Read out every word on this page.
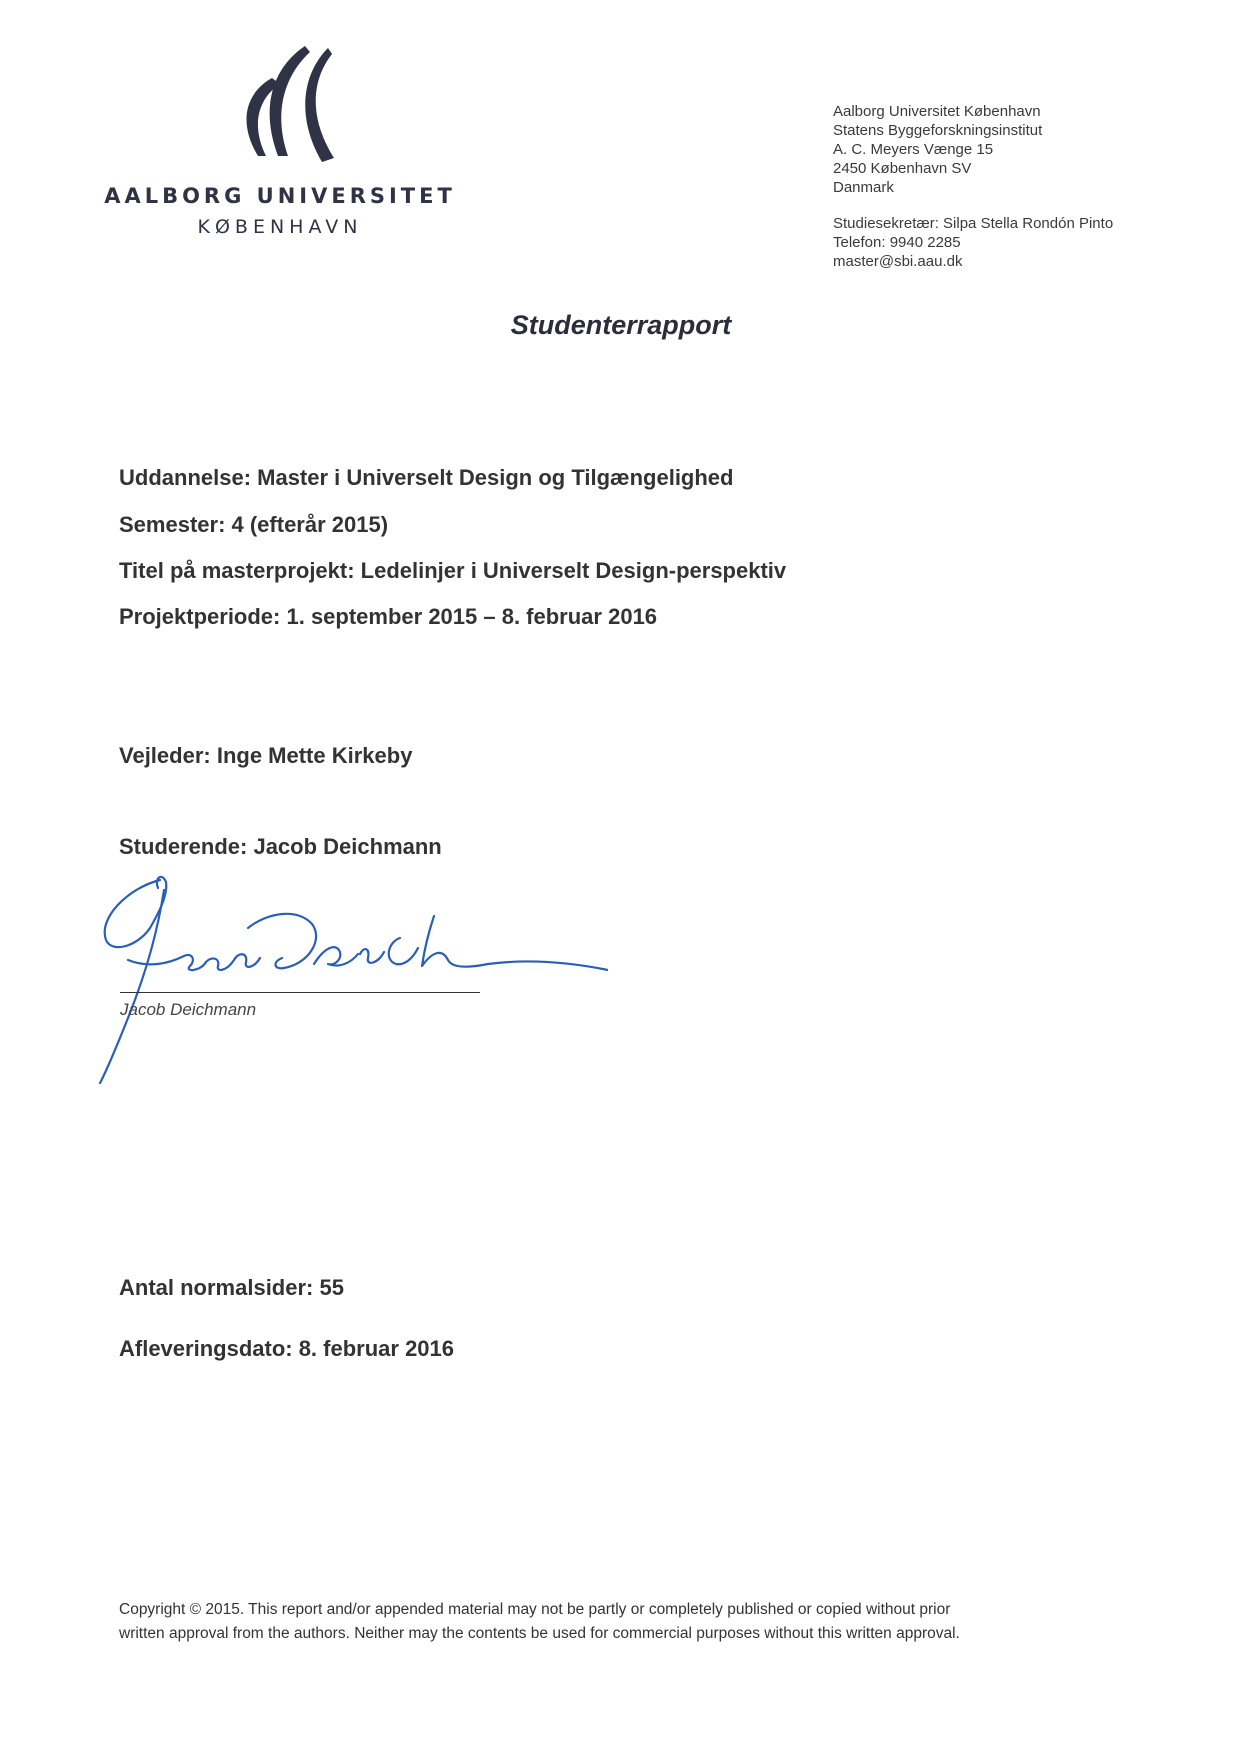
AALBORG UNIVERSITET
KØBENHAVN
Aalborg Universitet København
Statens Byggeforskningsinstitut
A. C. Meyers Vænge 15
2450 København SV
Danmark
Studiesekretær: Silpa Stella Rondón Pinto
Telefon: 9940 2285
master@sbi.aau.dk
Studenterrapport
Uddannelse: Master i Universelt Design og Tilgængelighed
Semester: 4 (efterår 2015)
Titel på masterprojekt: Ledelinjer i Universelt Design-perspektiv
Projektperiode: 1. september 2015 – 8. februar 2016
Vejleder: Inge Mette Kirkeby
Studerende: Jacob Deichmann
Jacob Deichmann
Antal normalsider: 55
Afleveringsdato: 8. februar 2016
Copyright © 2015. This report and/or appended material may not be partly or completely published or copied without prior
written approval from the authors. Neither may the contents be used for commercial purposes without this written approval.
